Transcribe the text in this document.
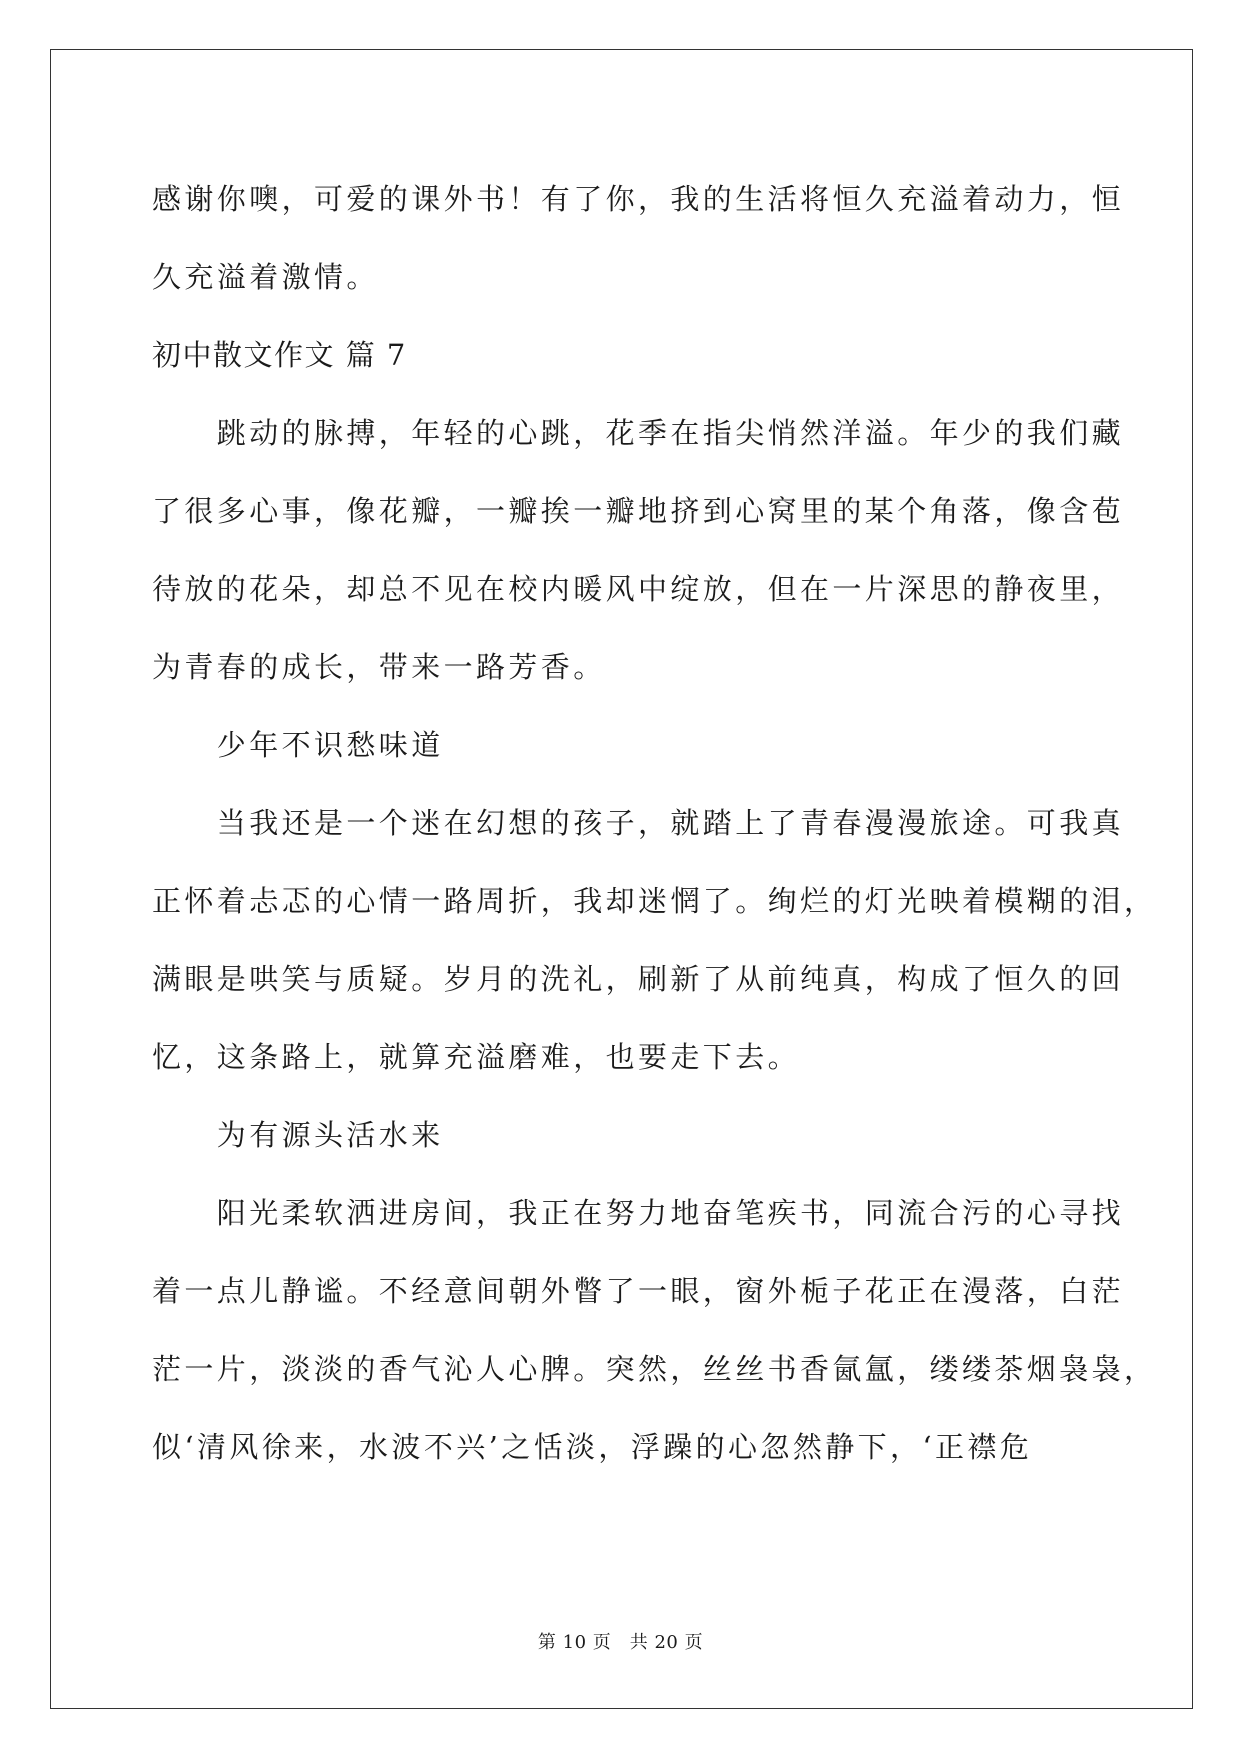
感谢你噢，可爱的课外书！有了你，我的生活将恒久充溢着动力，恒

久充溢着激情。

初中散文作文 篇 7

　　跳动的脉搏，年轻的心跳，花季在指尖悄然洋溢。年少的我们藏

了很多心事，像花瓣，一瓣挨一瓣地挤到心窝里的某个角落，像含苞

待放的花朵，却总不见在校内暖风中绽放，但在一片深思的静夜里，

为青春的成长，带来一路芳香。

　　少年不识愁味道

　　当我还是一个迷在幻想的孩子，就踏上了青春漫漫旅途。可我真

正怀着忐忑的心情一路周折，我却迷惘了。绚烂的灯光映着模糊的泪，

满眼是哄笑与质疑。岁月的洗礼，刷新了从前纯真，构成了恒久的回

忆，这条路上，就算充溢磨难，也要走下去。

　　为有源头活水来

　　阳光柔软洒进房间，我正在努力地奋笔疾书，同流合污的心寻找

着一点儿静谧。不经意间朝外瞥了一眼，窗外栀子花正在漫落，白茫

茫一片，淡淡的香气沁人心脾。突然，丝丝书香氤氲，缕缕茶烟袅袅，

似‘清风徐来，水波不兴’之恬淡，浮躁的心忽然静下，‘正襟危

第 10 页　共 20 页
